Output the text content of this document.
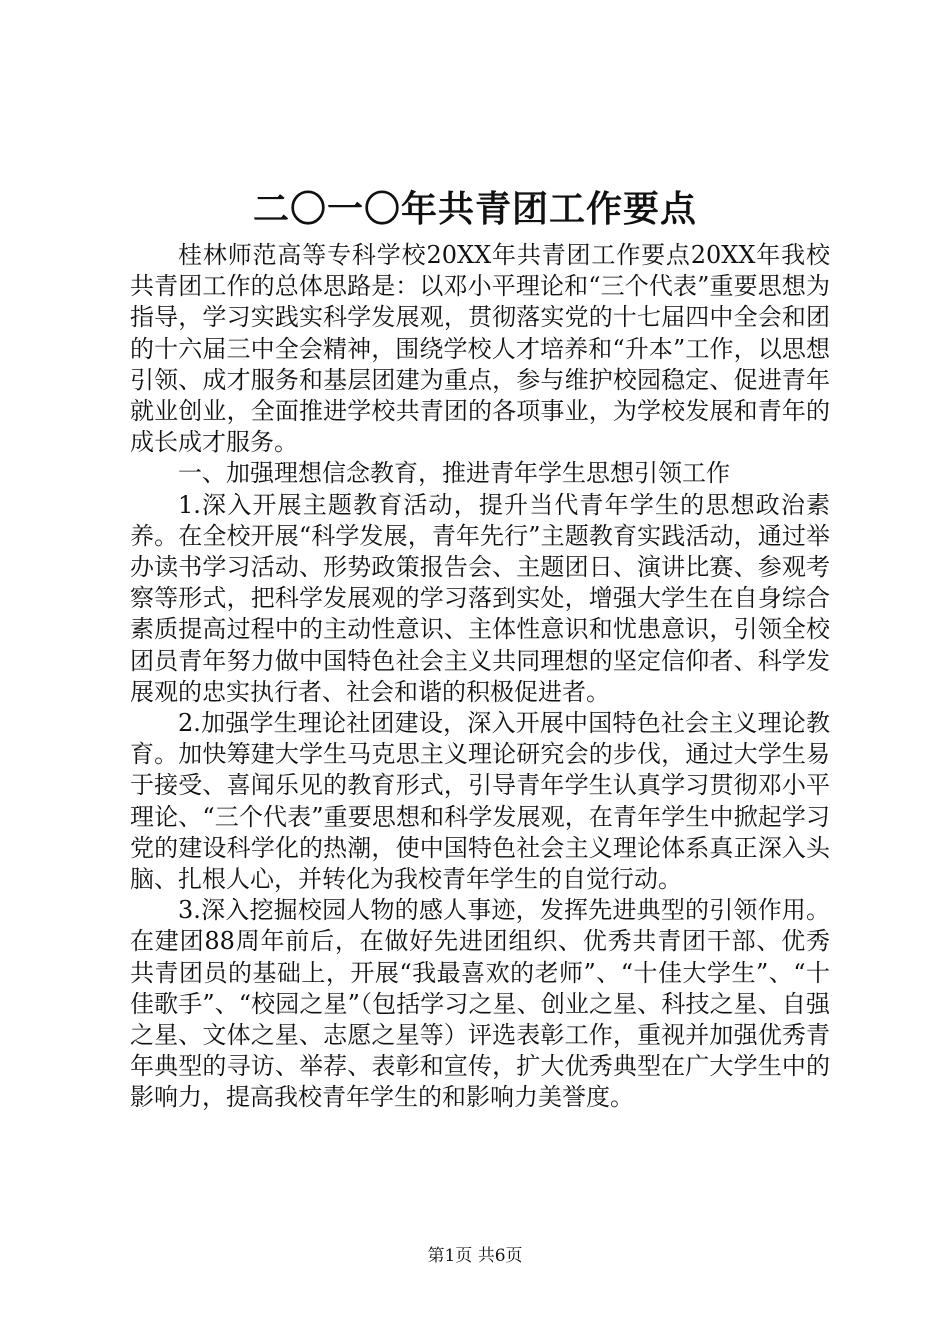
二〇一〇年共青团工作要点

桂林师范高等专科学校20XX年共青团工作要点20XX年我校共青团工作的总体思路是：以邓小平理论和“三个代表”重要思想为指导，学习实践实科学发展观，贯彻落实党的十七届四中全会和团的十六届三中全会精神，围绕学校人才培养和“升本”工作，以思想引领、成才服务和基层团建为重点，参与维护校园稳定、促进青年就业创业，全面推进学校共青团的各项事业，为学校发展和青年的成长成才服务。

一、加强理想信念教育，推进青年学生思想引领工作

1.深入开展主题教育活动，提升当代青年学生的思想政治素养。在全校开展“科学发展，青年先行”主题教育实践活动，通过举办读书学习活动、形势政策报告会、主题团日、演讲比赛、参观考察等形式，把科学发展观的学习落到实处，增强大学生在自身综合素质提高过程中的主动性意识、主体性意识和忧患意识，引领全校团员青年努力做中国特色社会主义共同理想的坚定信仰者、科学发展观的忠实执行者、社会和谐的积极促进者。

2.加强学生理论社团建设，深入开展中国特色社会主义理论教育。加快筹建大学生马克思主义理论研究会的步伐，通过大学生易于接受、喜闻乐见的教育形式，引导青年学生认真学习贯彻邓小平理论、“三个代表”重要思想和科学发展观，在青年学生中掀起学习党的建设科学化的热潮，使中国特色社会主义理论体系真正深入头脑、扎根人心，并转化为我校青年学生的自觉行动。

3.深入挖掘校园人物的感人事迹，发挥先进典型的引领作用。在建团88周年前后，在做好先进团组织、优秀共青团干部、优秀共青团员的基础上，开展“我最喜欢的老师”、“十佳大学生”、“十佳歌手”、“校园之星”（包括学习之星、创业之星、科技之星、自强之星、文体之星、志愿之星等）评选表彰工作，重视并加强优秀青年典型的寻访、举荐、表彰和宣传，扩大优秀典型在广大学生中的影响力，提高我校青年学生的和影响力美誉度。

第1页 共6页
